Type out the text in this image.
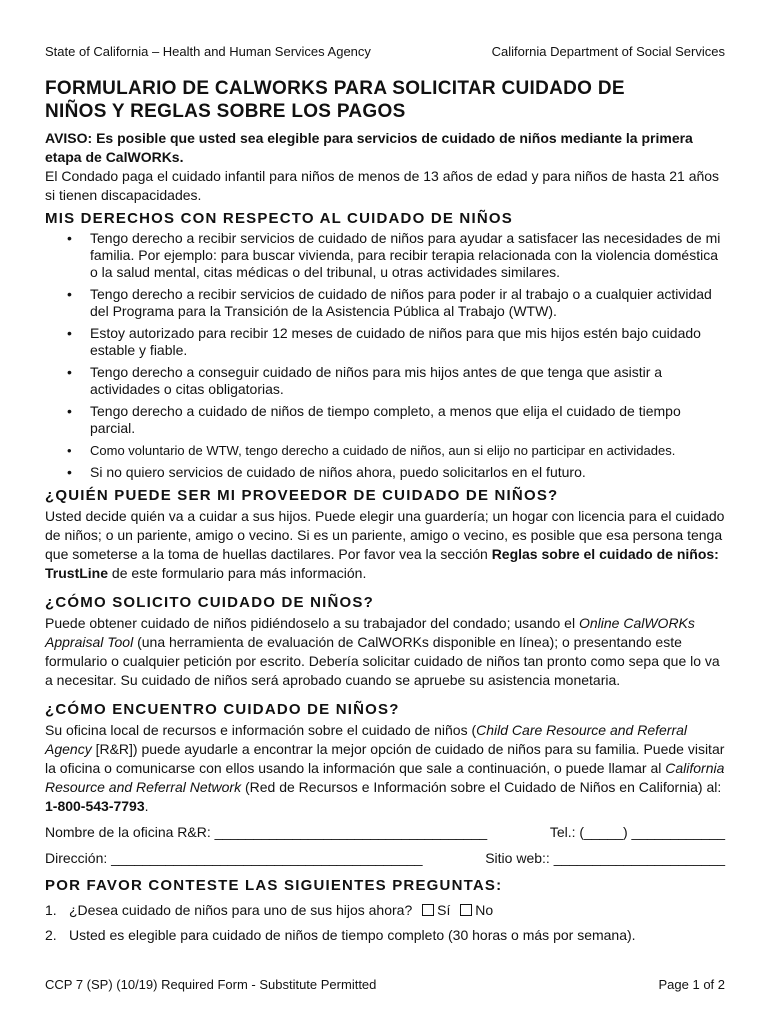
State of California – Health and Human Services Agency	California Department of Social Services
FORMULARIO DE CALWORKS PARA SOLICITAR CUIDADO DE
NIÑOS Y REGLAS SOBRE LOS PAGOS

AVISO: Es posible que usted sea elegible para servicios de cuidado de niños mediante la primera etapa de CalWORKs.

El Condado paga el cuidado infantil para niños de menos de 13 años de edad y para niños de hasta 21 años si tienen discapacidades.

MIS DERECHOS CON RESPECTO AL CUIDADO DE NIÑOS
• Tengo derecho a recibir servicios de cuidado de niños para ayudar a satisfacer las necesidades de mi familia. Por ejemplo: para buscar vivienda, para recibir terapia relacionada con la violencia doméstica o la salud mental, citas médicas o del tribunal, u otras actividades similares.
• Tengo derecho a recibir servicios de cuidado de niños para poder ir al trabajo o a cualquier actividad del Programa para la Transición de la Asistencia Pública al Trabajo (WTW).
• Estoy autorizado para recibir 12 meses de cuidado de niños para que mis hijos estén bajo cuidado estable y fiable.
• Tengo derecho a conseguir cuidado de niños para mis hijos antes de que tenga que asistir a actividades o citas obligatorias.
• Tengo derecho a cuidado de niños de tiempo completo, a menos que elija el cuidado de tiempo parcial.
• Como voluntario de WTW, tengo derecho a cuidado de niños, aun si elijo no participar en actividades.
• Si no quiero servicios de cuidado de niños ahora, puedo solicitarlos en el futuro.
¿QUIÉN PUEDE SER MI PROVEEDOR DE CUIDADO DE NIÑOS?

Usted decide quién va a cuidar a sus hijos. Puede elegir una guardería; un hogar con licencia para el cuidado de niños; o un pariente, amigo o vecino. Si es un pariente, amigo o vecino, es posible que esa persona tenga que someterse a la toma de huellas dactilares. Por favor vea la sección Reglas sobre el cuidado de niños: TrustLine de este formulario para más información.

¿CÓMO SOLICITO CUIDADO DE NIÑOS?

Puede obtener cuidado de niños pidiéndoselo a su trabajador del condado; usando el Online CalWORKs Appraisal Tool (una herramienta de evaluación de CalWORKs disponible en línea); o presentando este formulario o cualquier petición por escrito. Debería solicitar cuidado de niños tan pronto como sepa que lo va a necesitar. Su cuidado de niños será aprobado cuando se apruebe su asistencia monetaria.

¿CÓMO ENCUENTRO CUIDADO DE NIÑOS?

Su oficina local de recursos e información sobre el cuidado de niños (Child Care Resource and Referral Agency [R&R]) puede ayudarle a encontrar la mejor opción de cuidado de niños para su familia. Puede visitar la oficina o comunicarse con ellos usando la información que sale a continuación, o puede llamar al California Resource and Referral Network (Red de Recursos e Información sobre el Cuidado de Niños en California) al: 1-800-543-7793.

Nombre de la oficina R&R: ___________________________________	Tel.: (_____) ____________
Dirección: ________________________________________	Sitio web:: ______________________
POR FAVOR CONTESTE LAS SIGUIENTES PREGUNTAS:
1. ¿Desea cuidado de niños para uno de sus hijos ahora? Sí No
2. Usted es elegible para cuidado de niños de tiempo completo (30 horas o más por semana).
CCP 7 (SP) (10/19) Required Form - Substitute Permitted	Page 1 of 2
